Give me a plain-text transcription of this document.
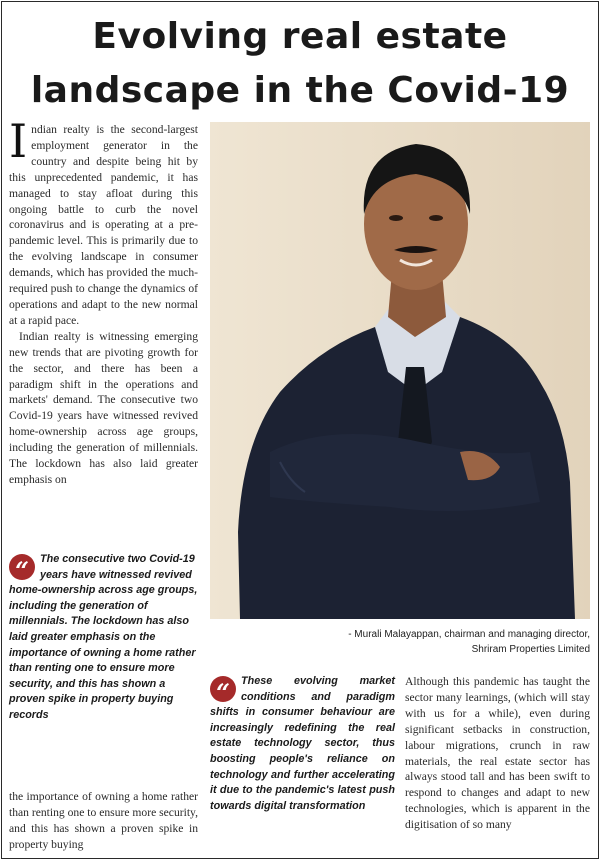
Evolving real estate landscape in the Covid-19

Indian realty is the second-largest employment generator in the country and despite being hit by this unprecedented pandemic, it has managed to stay afloat during this ongoing battle to curb the novel coronavirus and is operating at a pre-pandemic level. This is primarily due to the evolving landscape in consumer demands, which has provided the much-required push to change the dynamics of operations and adapt to the new normal at a rapid pace.

Indian realty is witnessing emerging new trends that are pivoting growth for the sector, and there has been a paradigm shift in the operations and markets' demand. The consecutive two Covid-19 years have witnessed revived home-ownership across age groups, including the generation of millennials. The lockdown has also laid greater emphasis on

- Murali Malayappan, chairman and managing director,
Shriram Properties Limited
“	The consecutive two Covid-19 years have witnessed revived home-ownership across age groups, including the generation of millennials. The lockdown has also laid greater emphasis on the importance of owning a home rather than renting one to ensure more security, and this has shown a proven spike in property buying records
the importance of owning a home rather than renting one to ensure more security, and this has shown a proven spike in property buying
“	These evolving market conditions and paradigm shifts in consumer behaviour are increasingly redefining the real estate technology sector, thus boosting people's reliance on technology and further accelerating it due to the pandemic's latest push towards digital transformation
Although this pandemic has taught the sector many learnings, (which will stay with us for a while), even during significant setbacks in construction, labour migrations, crunch in raw materials, the real estate sector has always stood tall and has been swift to respond to changes and adapt to new technologies, which is apparent in the digitisation of so many
